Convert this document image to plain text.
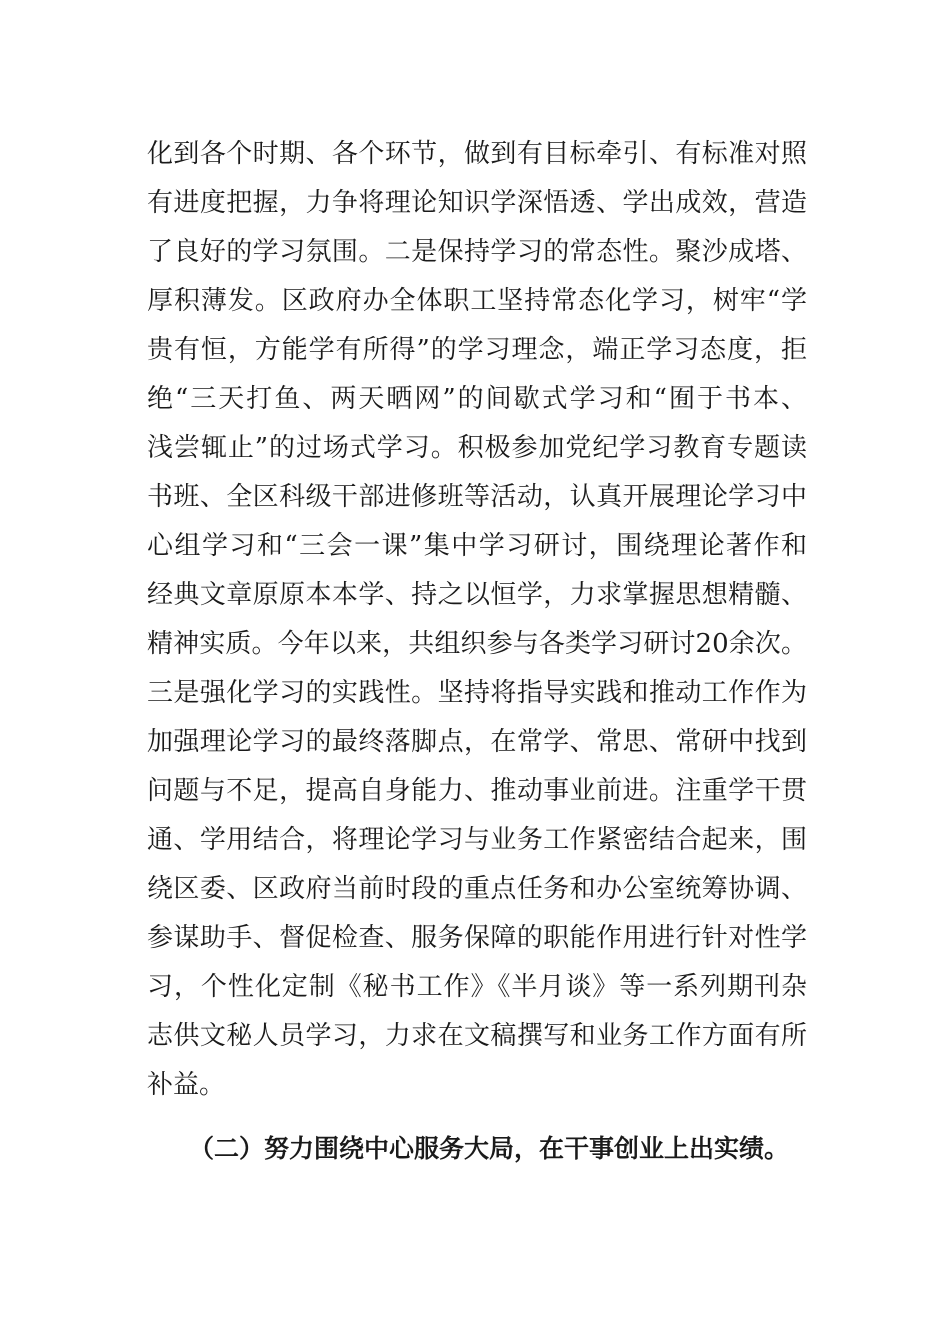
化到各个时期、各个环节，做到有目标牵引、有标准对照
有进度把握，力争将理论知识学深悟透、学出成效，营造
了良好的学习氛围。二是保持学习的常态性。聚沙成塔、
厚积薄发。区政府办全体职工坚持常态化学习，树牢“学
贵有恒，方能学有所得”的学习理念，端正学习态度，拒
绝“三天打鱼、两天晒网”的间歇式学习和“囿于书本、
浅尝辄止”的过场式学习。积极参加党纪学习教育专题读
书班、全区科级干部进修班等活动，认真开展理论学习中
心组学习和“三会一课”集中学习研讨，围绕理论著作和
经典文章原原本本学、持之以恒学，力求掌握思想精髓、
精神实质。今年以来，共组织参与各类学习研讨20余次。
三是强化学习的实践性。坚持将指导实践和推动工作作为
加强理论学习的最终落脚点，在常学、常思、常研中找到
问题与不足，提高自身能力、推动事业前进。注重学干贯
通、学用结合，将理论学习与业务工作紧密结合起来，围
绕区委、区政府当前时段的重点任务和办公室统筹协调、
参谋助手、督促检查、服务保障的职能作用进行针对性学
习，个性化定制《秘书工作》《半月谈》等一系列期刊杂
志供文秘人员学习，力求在文稿撰写和业务工作方面有所
补益。
（二）努力围绕中心服务大局，在干事创业上出实绩。
